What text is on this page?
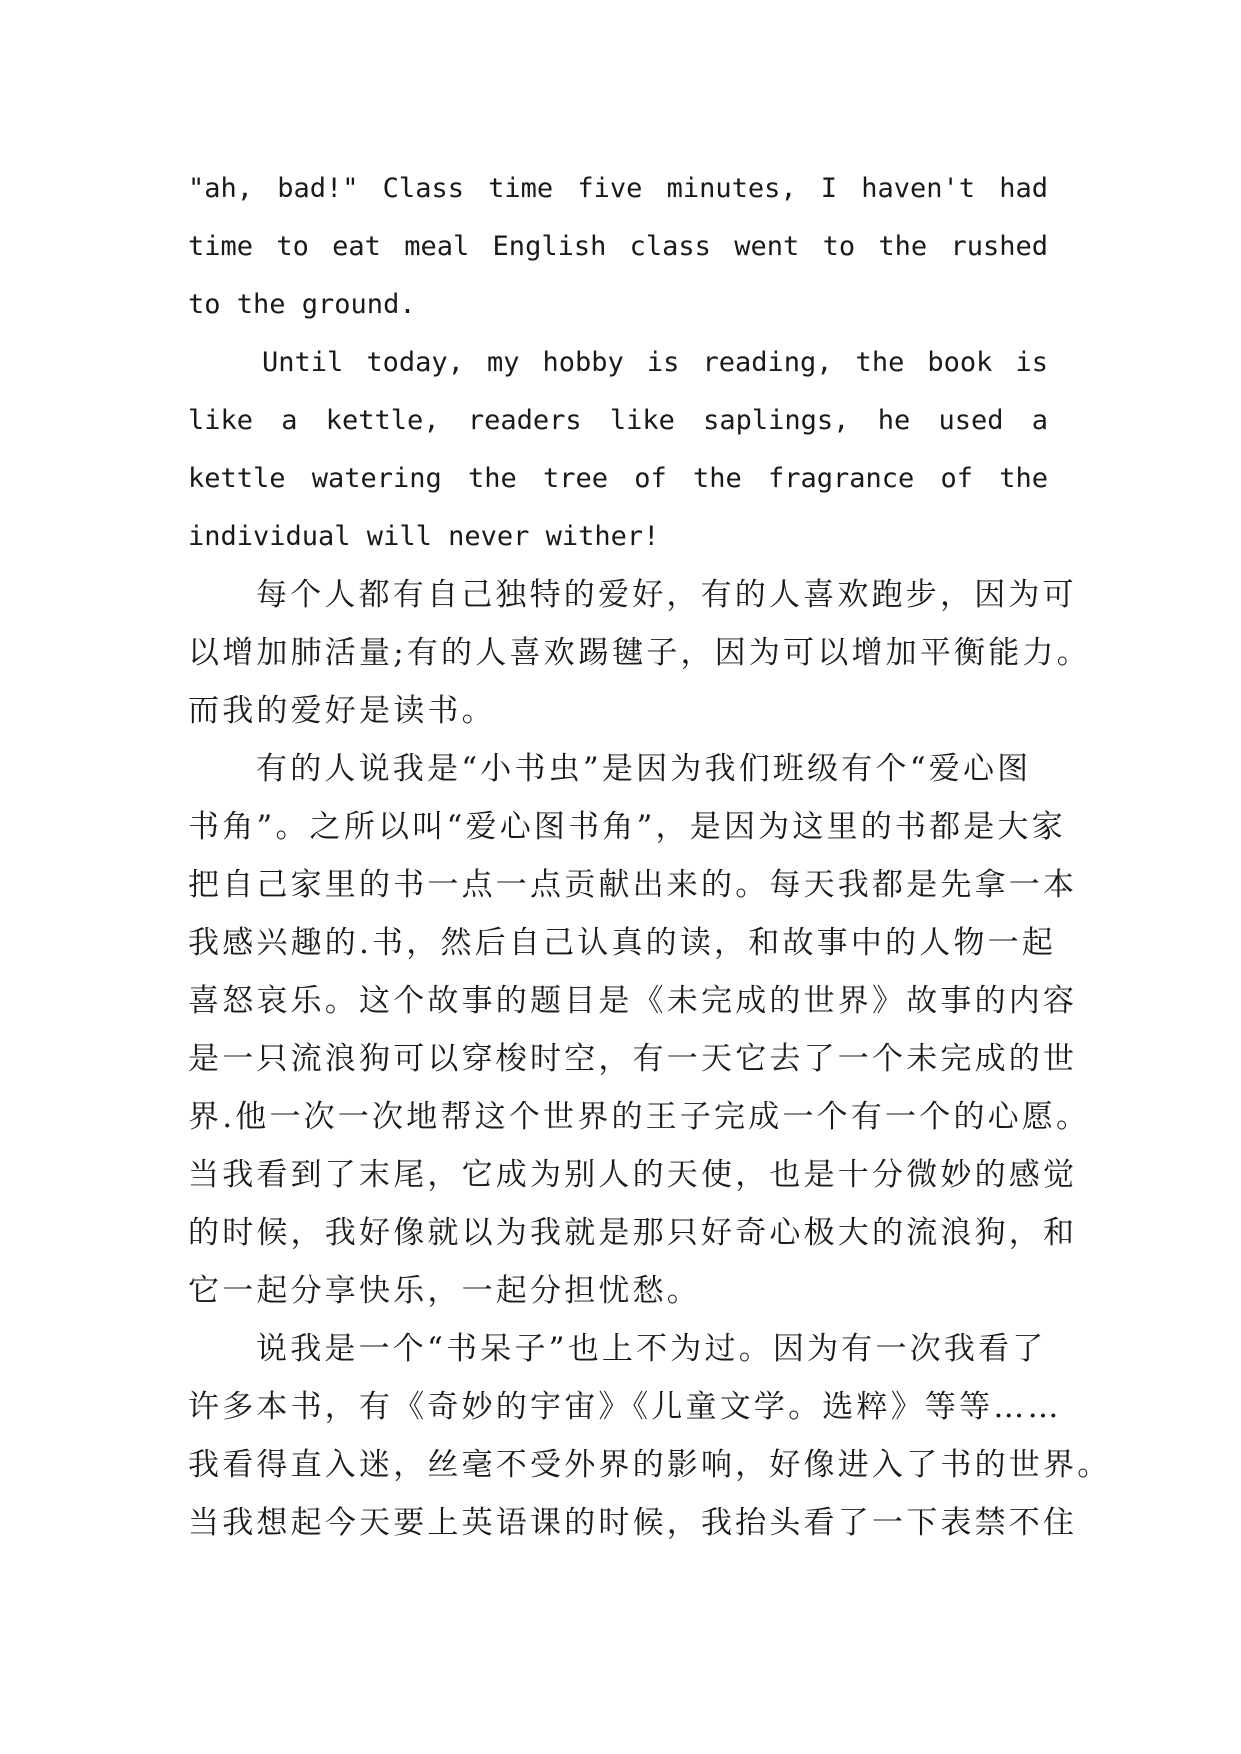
"ah, bad!" Class time five minutes, I haven't had
time to eat meal English class went to the rushed
to the ground.
Until today, my hobby is reading, the book is
like a kettle, readers like saplings, he used a
kettle watering the tree of the fragrance of the
individual will never wither!
每个人都有自己独特的爱好，有的人喜欢跑步，因为可
以增加肺活量;有的人喜欢踢毽子，因为可以增加平衡能力。
而我的爱好是读书。
有的人说我是“小书虫”是因为我们班级有个“爱心图
书角”。之所以叫“爱心图书角”，是因为这里的书都是大家
把自己家里的书一点一点贡献出来的。每天我都是先拿一本
我感兴趣的.书，然后自己认真的读，和故事中的人物一起
喜怒哀乐。这个故事的题目是《未完成的世界》故事的内容
是一只流浪狗可以穿梭时空，有一天它去了一个未完成的世
界.他一次一次地帮这个世界的王子完成一个有一个的心愿。
当我看到了末尾，它成为别人的天使，也是十分微妙的感觉
的时候，我好像就以为我就是那只好奇心极大的流浪狗，和
它一起分享快乐，一起分担忧愁。
说我是一个“书呆子”也上不为过。因为有一次我看了
许多本书，有《奇妙的宇宙》《儿童文学。选粹》等等……
我看得直入迷，丝毫不受外界的影响，好像进入了书的世界。
当我想起今天要上英语课的时候，我抬头看了一下表禁不住
